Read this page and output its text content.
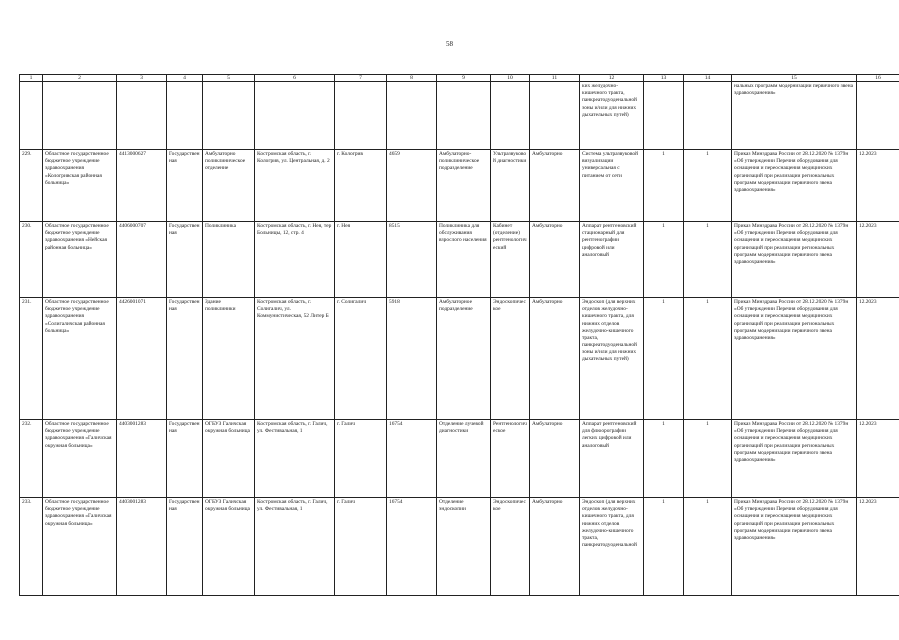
58
1	2	3	4	5	6	7	8	9	10	11	12	13	14	15	16
											ких желудочно-кишечного тракта, панкреатодуоденальной зоны и/или для нижних дыхательных путей)			нальных программ модернизации первичного звена здравоохранения»	
229.	Областное государственное бюджетное учреждение здравоохранения «Кологривская районная больница»	4413000627	Государственная	Амбулаторно поликлиническое отделение	Костромская область, г. Кологрив, ул. Центральная, д. 2	г. Кологрив	4659	Амбулаторно-поликлиническое подразделение	Ультразвуковой диагностики	Амбулаторно	Система ультразвуковой визуализации универсальная с питанием от сети	1	1	Приказ Минздрава России от 28.12.2020 № 1379н «Об утверждении Перечня оборудования для оснащения и переоснащения медицинских организаций при реализации региональных программ модернизации первичного звена здравоохранения»	12.2023
230.	Областное государственное бюджетное учреждение здравоохранения «Нейская районная больница»	4406000707	Государственная	Поликлиника	Костромская область, г. Нея, тер Больницы, 12, стр. 4	г. Нея	8515	Поликлиника для обслуживания взрослого населения	Кабинет (отделение) рентгенологический	Амбулаторно	Аппарат рентгеновский стационарный для рентгенографии цифровой или аналоговый	1	1	Приказ Минздрава России от 28.12.2020 № 1379н «Об утверждении Перечня оборудования для оснащения и переоснащения медицинских организаций при реализации региональных программ модернизации первичного звена здравоохранения»	12.2023
231.	Областное государственное бюджетное учреждение здравоохранения «Солигаличская районная больница»	4426001071	Государственная	Здание поликлиники	Костромская область, г. Солигалич, ул. Коммунистическая, 52 Литер Б	г. Солигалич	5918	Амбулаторное подразделение	Эндоскопическое	Амбулаторно	Эндоскоп (для верхних отделов желудочно-кишечного тракта, для нижних отделов желудочно-кишечного тракта, панкреатодуоденальной зоны и/или для нижних дыхательных путей)	1	1	Приказ Минздрава России от 28.12.2020 № 1379н «Об утверждении Перечня оборудования для оснащения и переоснащения медицинских организаций при реализации региональных программ модернизации первичного звена здравоохранения»	12.2023
232.	Областное государственное бюджетное учреждение здравоохранения «Галичская окружная больница»	4403001283	Государственная	ОГБУЗ Галичская окружная больница	Костромская область, г. Галич, ул. Фестивальная, 1	г. Галич	16754	Отделение лучевой диагностики	Рентгенологическое	Амбулаторно	Аппарат рентгеновский для флюорографии легких цифровой или аналоговый	1	1	Приказ Минздрава России от 28.12.2020 № 1379н «Об утверждении Перечня оборудования для оснащения и переоснащения медицинских организаций при реализации региональных программ модернизации первичного звена здравоохранения»	12.2023
233.	Областное государственное бюджетное учреждение здравоохранения «Галичская окружная больница»	4403001283	Государственная	ОГБУЗ Галичская окружная больница	Костромская область, г. Галич, ул. Фестивальная, 1	г. Галич	16754	Отделение эндоскопии	Эндоскопическое	Амбулаторно	Эндоскоп (для верхних отделов желудочно-кишечного тракта, для нижних отделов желудочно-кишечного тракта, панкреатодуоденальной	1	1	Приказ Минздрава России от 28.12.2020 № 1379н «Об утверждении Перечня оборудования для оснащения и переоснащения медицинских организаций при реализации региональных программ модернизации первичного звена здравоохранения»	12.2023
